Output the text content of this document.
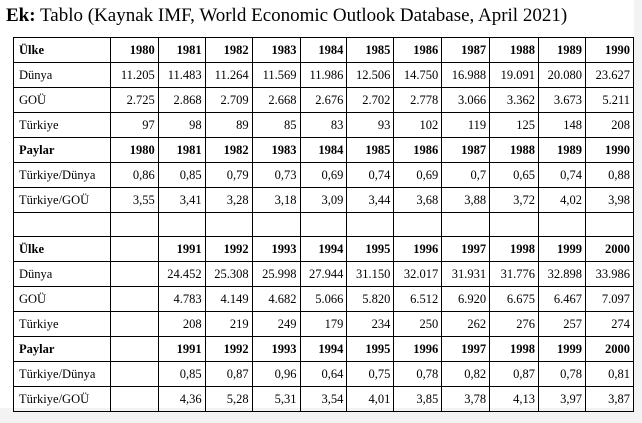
Ek: Tablo (Kaynak IMF, World Economic Outlook Database, April 2021)
Ülke	1980	1981	1982	1983	1984	1985	1986	1987	1988	1989	1990
Dünya	11.205	11.483	11.264	11.569	11.986	12.506	14.750	16.988	19.091	20.080	23.627
GOÜ	2.725	2.868	2.709	2.668	2.676	2.702	2.778	3.066	3.362	3.673	5.211
Türkiye	97	98	89	85	83	93	102	119	125	148	208
Paylar	1980	1981	1982	1983	1984	1985	1986	1987	1988	1989	1990
Türkiye/Dünya	0,86	0,85	0,79	0,73	0,69	0,74	0,69	0,7	0,65	0,74	0,88
Türkiye/GOÜ	3,55	3,41	3,28	3,18	3,09	3,44	3,68	3,88	3,72	4,02	3,98

Ülke		1991	1992	1993	1994	1995	1996	1997	1998	1999	2000
Dünya		24.452	25.308	25.998	27.944	31.150	32.017	31.931	31.776	32.898	33.986
GOÜ		4.783	4.149	4.682	5.066	5.820	6.512	6.920	6.675	6.467	7.097
Türkiye		208	219	249	179	234	250	262	276	257	274
Paylar		1991	1992	1993	1994	1995	1996	1997	1998	1999	2000
Türkiye/Dünya		0,85	0,87	0,96	0,64	0,75	0,78	0,82	0,87	0,78	0,81
Türkiye/GOÜ		4,36	5,28	5,31	3,54	4,01	3,85	3,78	4,13	3,97	3,87
